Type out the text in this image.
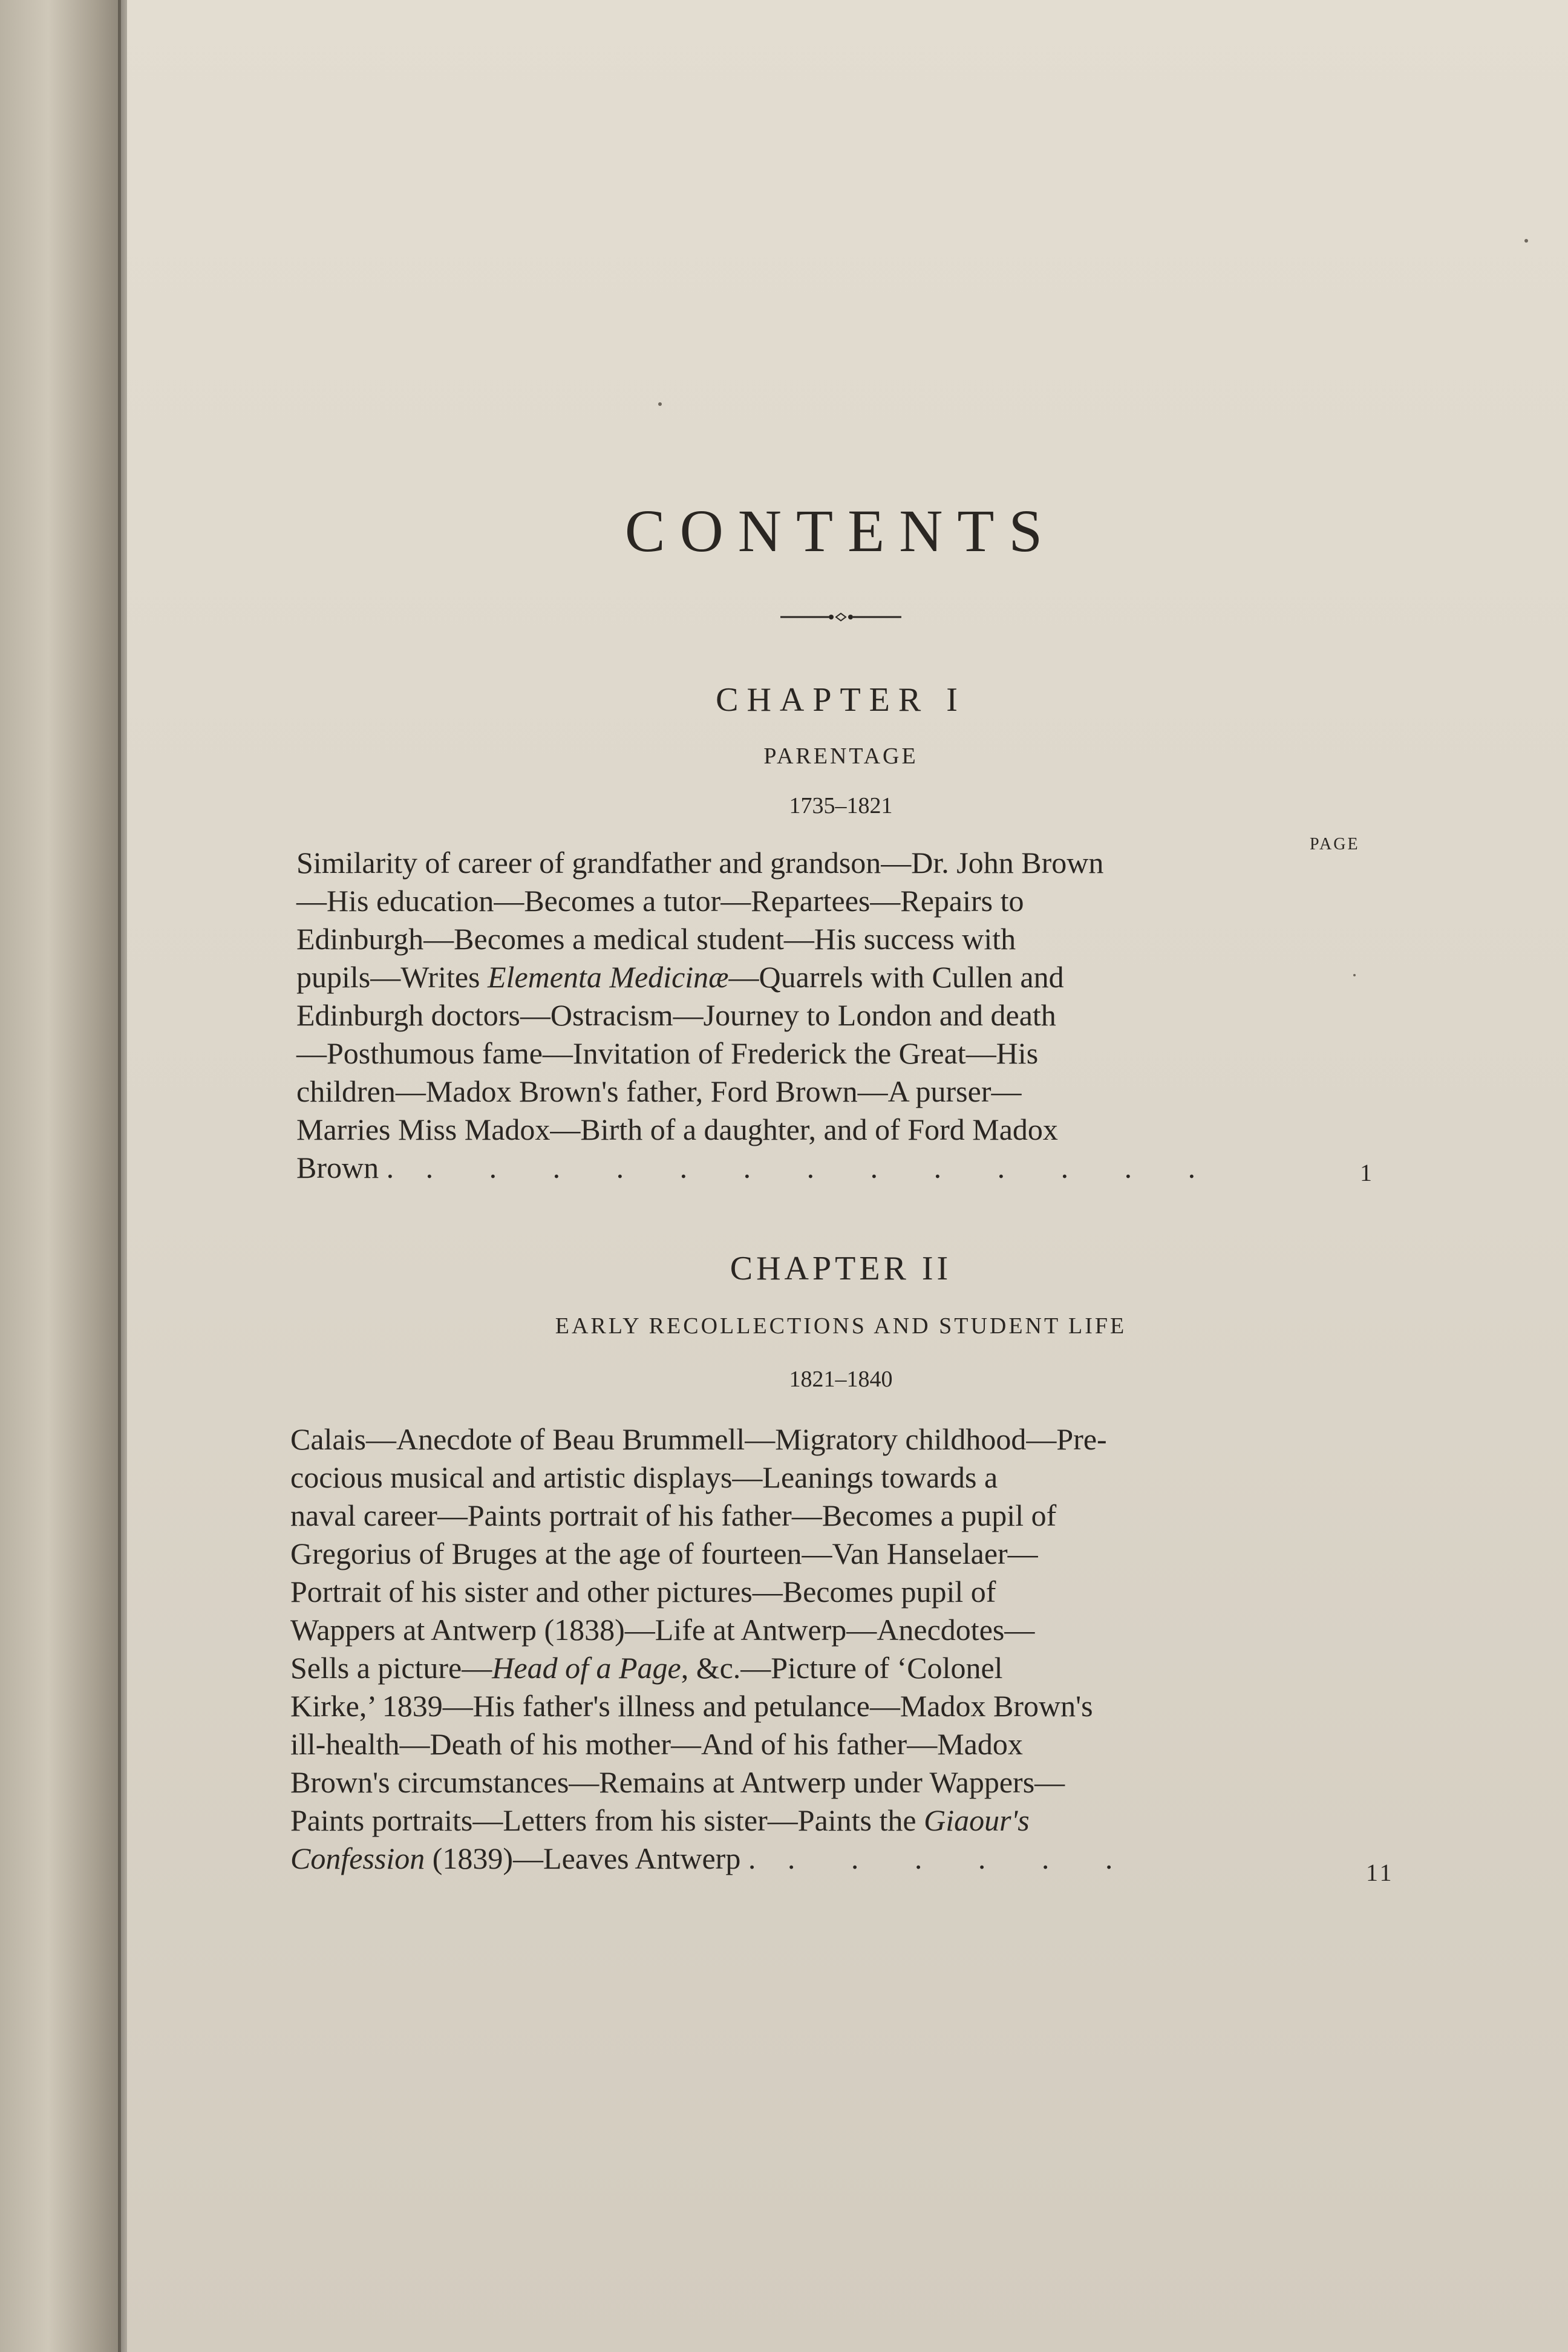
CONTENTS
CHAPTER I
PARENTAGE
1735–1821
PAGE
Similarity of career of grandfather and grandson—Dr. John Brown
—His education—Becomes a tutor—Repartees—Repairs to
Edinburgh—Becomes a medical student—His success with
pupils—Writes Elementa Medicinæ—Quarrels with Cullen and
Edinburgh doctors—Ostracism—Journey to London and death
—Posthumous fame—Invitation of Frederick the Great—His
children—Madox Brown's father, Ford Brown—A purser—
Marries Miss Madox—Birth of a daughter, and of Ford Madox
Brown . . . . . . . . . . . . . .	1
CHAPTER II
EARLY RECOLLECTIONS AND STUDENT LIFE
1821–1840
Calais—Anecdote of Beau Brummell—Migratory childhood—Pre-
cocious musical and artistic displays—Leanings towards a
naval career—Paints portrait of his father—Becomes a pupil of
Gregorius of Bruges at the age of fourteen—Van Hanselaer—
Portrait of his sister and other pictures—Becomes pupil of
Wappers at Antwerp (1838)—Life at Antwerp—Anecdotes—
Sells a picture—Head of a Page, &c.—Picture of ‘Colonel
Kirke,’ 1839—His father's illness and petulance—Madox Brown's
ill-health—Death of his mother—And of his father—Madox
Brown's circumstances—Remains at Antwerp under Wappers—
Paints portraits—Letters from his sister—Paints the Giaour's
Confession (1839)—Leaves Antwerp . . . . . . .	11
